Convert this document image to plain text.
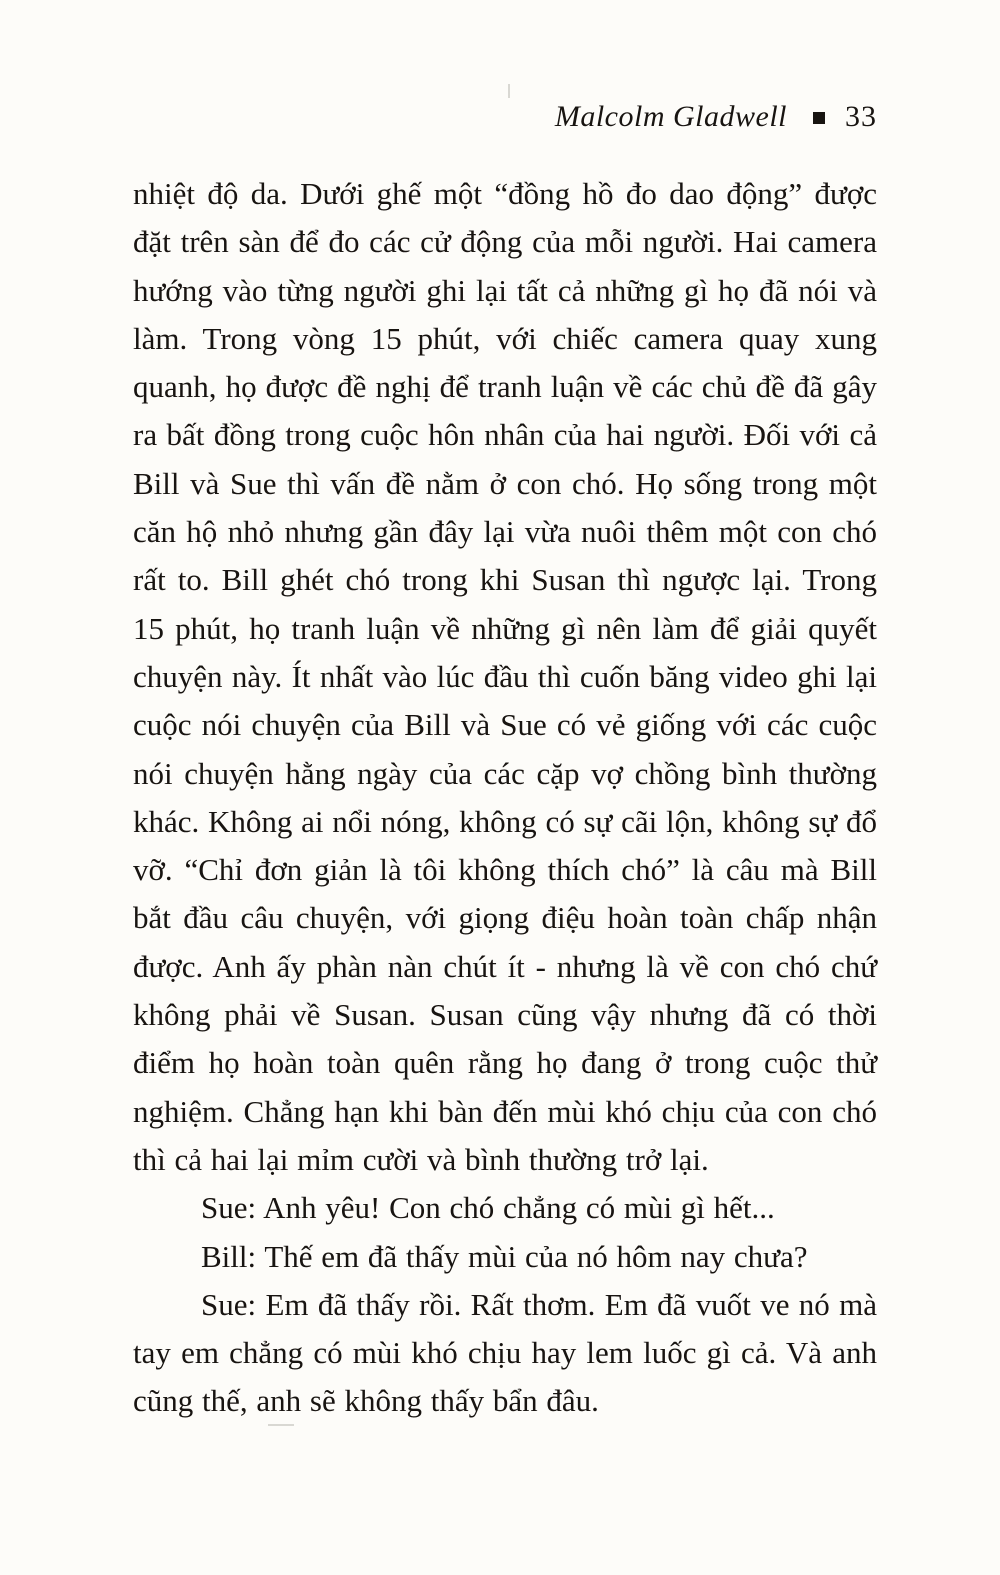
Malcolm Gladwell 33

nhiệt độ da. Dưới ghế một “đồng hồ đo dao động” được đặt trên sàn để đo các cử động của mỗi người. Hai camera hướng vào từng người ghi lại tất cả những gì họ đã nói và làm. Trong vòng 15 phút, với chiếc camera quay xung quanh, họ được đề nghị để tranh luận về các chủ đề đã gây ra bất đồng trong cuộc hôn nhân của hai người. Đối với cả Bill và Sue thì vấn đề nằm ở con chó. Họ sống trong một căn hộ nhỏ nhưng gần đây lại vừa nuôi thêm một con chó rất to. Bill ghét chó trong khi Susan thì ngược lại. Trong 15 phút, họ tranh luận về những gì nên làm để giải quyết chuyện này. Ít nhất vào lúc đầu thì cuốn băng video ghi lại cuộc nói chuyện của Bill và Sue có vẻ giống với các cuộc nói chuyện hằng ngày của các cặp vợ chồng bình thường khác. Không ai nổi nóng, không có sự cãi lộn, không sự đổ vỡ. “Chỉ đơn giản là tôi không thích chó” là câu mà Bill bắt đầu câu chuyện, với giọng điệu hoàn toàn chấp nhận được. Anh ấy phàn nàn chút ít - nhưng là về con chó chứ không phải về Susan. Susan cũng vậy nhưng đã có thời điểm họ hoàn toàn quên rằng họ đang ở trong cuộc thử nghiệm. Chẳng hạn khi bàn đến mùi khó chịu của con chó thì cả hai lại mỉm cười và bình thường trở lại.

Sue: Anh yêu! Con chó chẳng có mùi gì hết...

Bill: Thế em đã thấy mùi của nó hôm nay chưa?

Sue: Em đã thấy rồi. Rất thơm. Em đã vuốt ve nó mà tay em chẳng có mùi khó chịu hay lem luốc gì cả. Và anh cũng thế, anh sẽ không thấy bẩn đâu.
